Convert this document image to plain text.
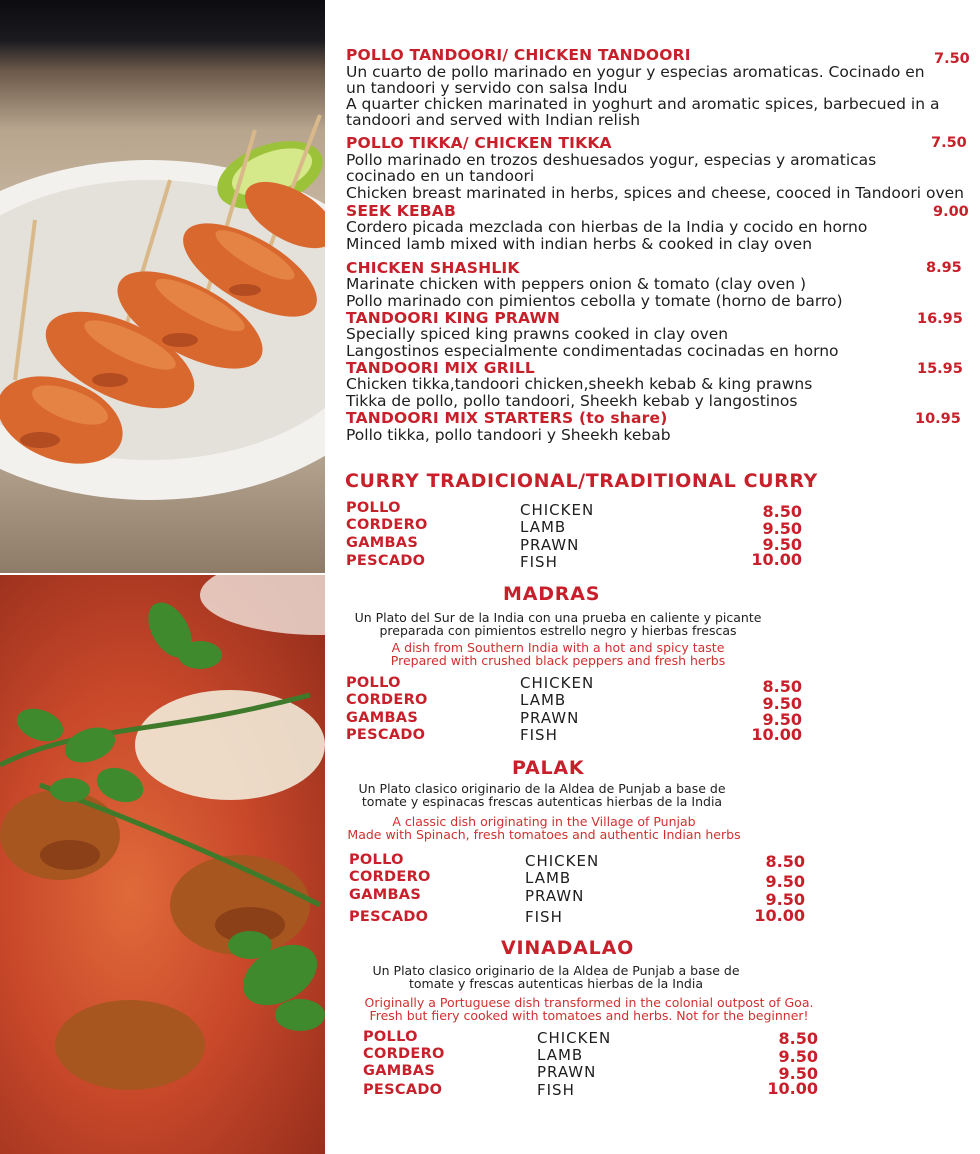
POLLO TANDOORI/ CHICKEN TANDOORI	7.50
Un cuarto de pollo marinado en yogur y especias aromaticas. Cocinado en
un tandoori y servido con salsa Indu
A quarter chicken marinated in yoghurt and aromatic spices, barbecued in a
tandoori and served with Indian relish
POLLO TIKKA/ CHICKEN TIKKA	7.50
Pollo marinado en trozos deshuesados yogur, especias y aromaticas
cocinado en un tandoori
Chicken breast marinated in herbs, spices and cheese, cooced in Tandoori oven
SEEK KEBAB	9.00
Cordero picada mezclada con hierbas de la India y cocido en horno
Minced lamb mixed with indian herbs & cooked in clay oven
CHICKEN SHASHLIK	8.95
Marinate chicken with peppers onion & tomato (clay oven )
Pollo marinado con pimientos cebolla y tomate (horno de barro)
TANDOORI KING PRAWN	16.95
Specially spiced king prawns cooked in clay oven
Langostinos especialmente condimentadas cocinadas en horno
TANDOORI MIX GRILL	15.95
Chicken tikka,tandoori chicken,sheekh kebab & king prawns
Tikka de pollo, pollo tandoori, Sheekh kebab y langostinos
TANDOORI MIX STARTERS (to share)	10.95
Pollo tikka, pollo tandoori y Sheekh kebab
CURRY TRADICIONAL/TRADITIONAL CURRY
POLLO	CHICKEN	8.50
CORDERO	LAMB	9.50
GAMBAS	PRAWN	9.50
PESCADO	FISH	10.00
MADRAS
Un Plato del Sur de la India con una prueba en caliente y picante
preparada con pimientos estrello negro y hierbas frescas
A dish from Southern India with a hot and spicy taste
Prepared with crushed black peppers and fresh herbs
POLLO	CHICKEN	8.50
CORDERO	LAMB	9.50
GAMBAS	PRAWN	9.50
PESCADO	FISH	10.00
PALAK
Un Plato clasico originario de la Aldea de Punjab a base de
tomate y espinacas frescas autenticas hierbas de la India
A classic dish originating in the Village of Punjab
Made with Spinach, fresh tomatoes and authentic Indian herbs
POLLO	CHICKEN	8.50
CORDERO	LAMB	9.50
GAMBAS	PRAWN	9.50
PESCADO	FISH	10.00
VINADALAO
Un Plato clasico originario de la Aldea de Punjab a base de
tomate y frescas autenticas hierbas de la India
Originally a Portuguese dish transformed in the colonial outpost of Goa.
Fresh but fiery cooked with tomatoes and herbs. Not for the beginner!
POLLO	CHICKEN	8.50
CORDERO	LAMB	9.50
GAMBAS	PRAWN	9.50
PESCADO	FISH	10.00
